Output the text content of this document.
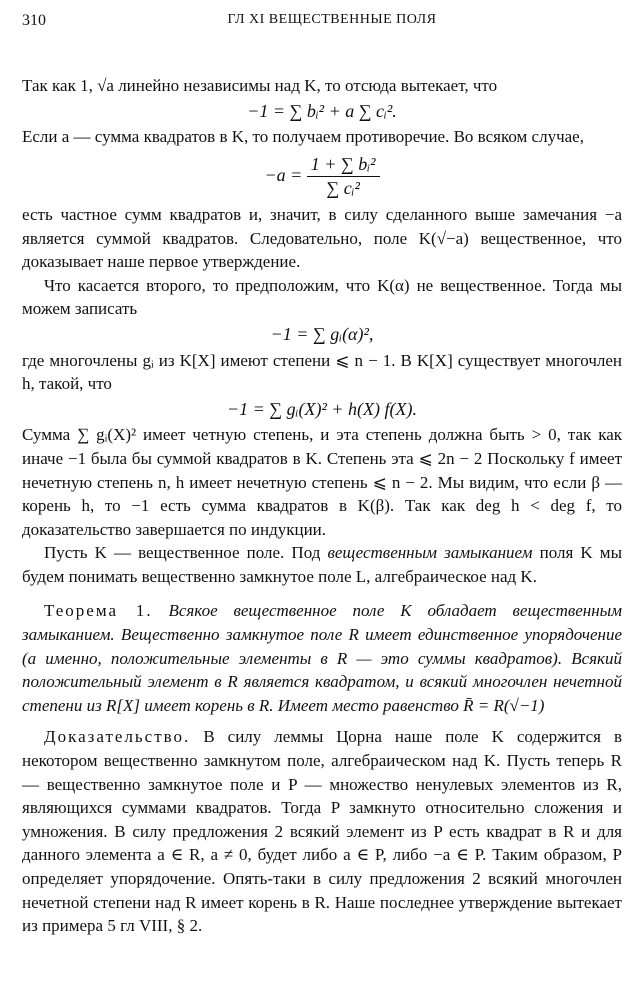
310	ГЛ XI ВЕЩЕСТВЕННЫЕ ПОЛЯ

Так как 1, √a линейно независимы над K, то отсюда вытекает, что

−1 = ∑ bᵢ² + a ∑ cᵢ².

Если a — сумма квадратов в K, то получаем противоречие. Во всяком случае,

$-a = \frac{\text{1 + ∑ bᵢ²}}{\text{∑ cᵢ²}}$

есть частное сумм квадратов и, значит, в силу сделанного выше замечания −a является суммой квадратов. Следовательно, поле K(√−a) вещественное, что доказывает наше первое утверждение.

Что касается второго, то предположим, что K(α) не вещественное. Тогда мы можем записать

−1 = ∑ gᵢ(α)²,

где многочлены gᵢ из K[X] имеют степени ⩽ n − 1. В K[X] существует многочлен h, такой, что

−1 = ∑ gᵢ(X)² + h(X) f(X).

Сумма ∑ gᵢ(X)² имеет четную степень, и эта степень должна быть > 0, так как иначе −1 была бы суммой квадратов в K. Степень эта ⩽ 2n − 2 Поскольку f имеет нечетную степень n, h имеет нечетную степень ⩽ n − 2. Мы видим, что если β — корень h, то −1 есть сумма квадратов в K(β). Так как deg h < deg f, то доказательство завершается по индукции.

Пусть K — вещественное поле. Под вещественным замыканием поля K мы будем понимать вещественно замкнутое поле L, алгебраическое над K.

Теорема 1. Всякое вещественное поле K обладает вещественным замыканием. Вещественно замкнутое поле R имеет единственное упорядочение (а именно, положительные элементы в R — это суммы квадратов). Всякий положительный элемент в R является квадратом, и всякий многочлен нечетной степени из R[X] имеет корень в R. Имеет место равенство R̄ = R(√−1)

Доказательство. В силу леммы Цорна наше поле K содержится в некотором вещественно замкнутом поле, алгебраическом над K. Пусть теперь R — вещественно замкнутое поле и P — множество ненулевых элементов из R, являющихся суммами квадратов. Тогда P замкнуто относительно сложения и умножения. В силу предложения 2 всякий элемент из P есть квадрат в R и для данного элемента a ∈ R, a ≠ 0, будет либо a ∈ P, либо −a ∈ P. Таким образом, P определяет упорядочение. Опять-таки в силу предложения 2 всякий многочлен нечетной степени над R имеет корень в R. Наше последнее утверждение вытекает из примера 5 гл VIII, § 2.
